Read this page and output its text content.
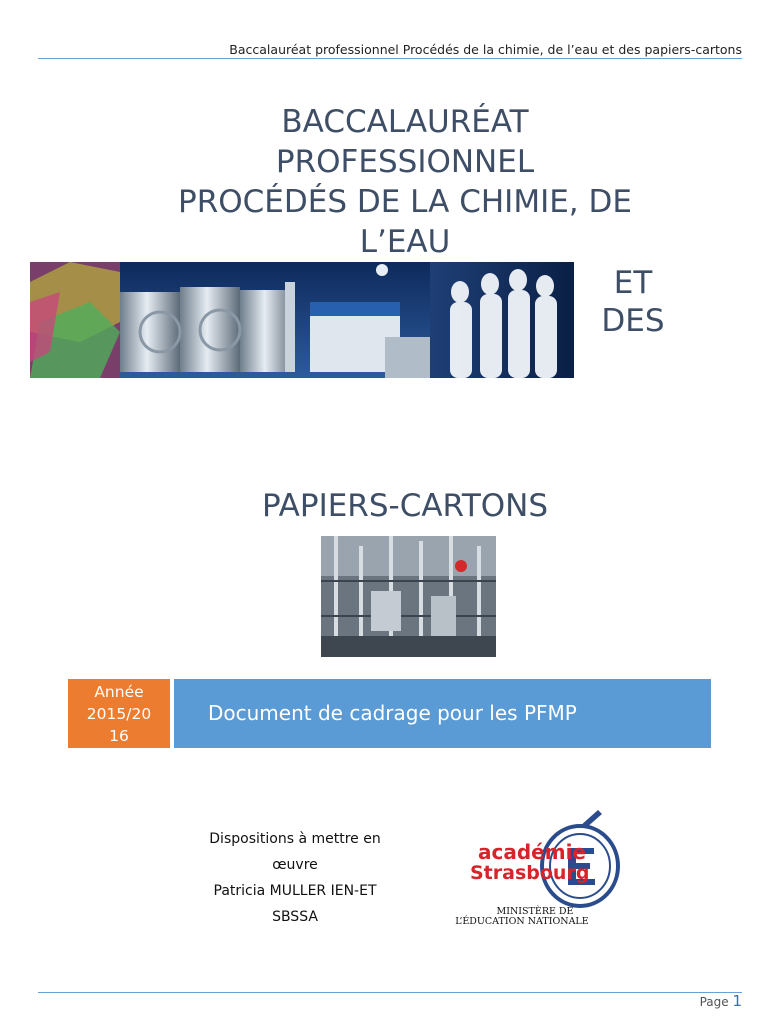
Baccalauréat professionnel Procédés de la chimie, de l’eau et des papiers-cartons
BACCALAURÉAT
PROFESSIONNEL
PROCÉDÉS DE LA CHIMIE, DE
L’EAU
ET
DES
PAPIERS-CARTONS
Année
2015/20
16
Document de cadrage pour les PFMP
Dispositions à mettre en
œuvre
Patricia MULLER IEN-ET
SBSSA
académie
Strasbourg
MINISTÈRE DE
L’ÉDUCATION NATIONALE
Page 1
